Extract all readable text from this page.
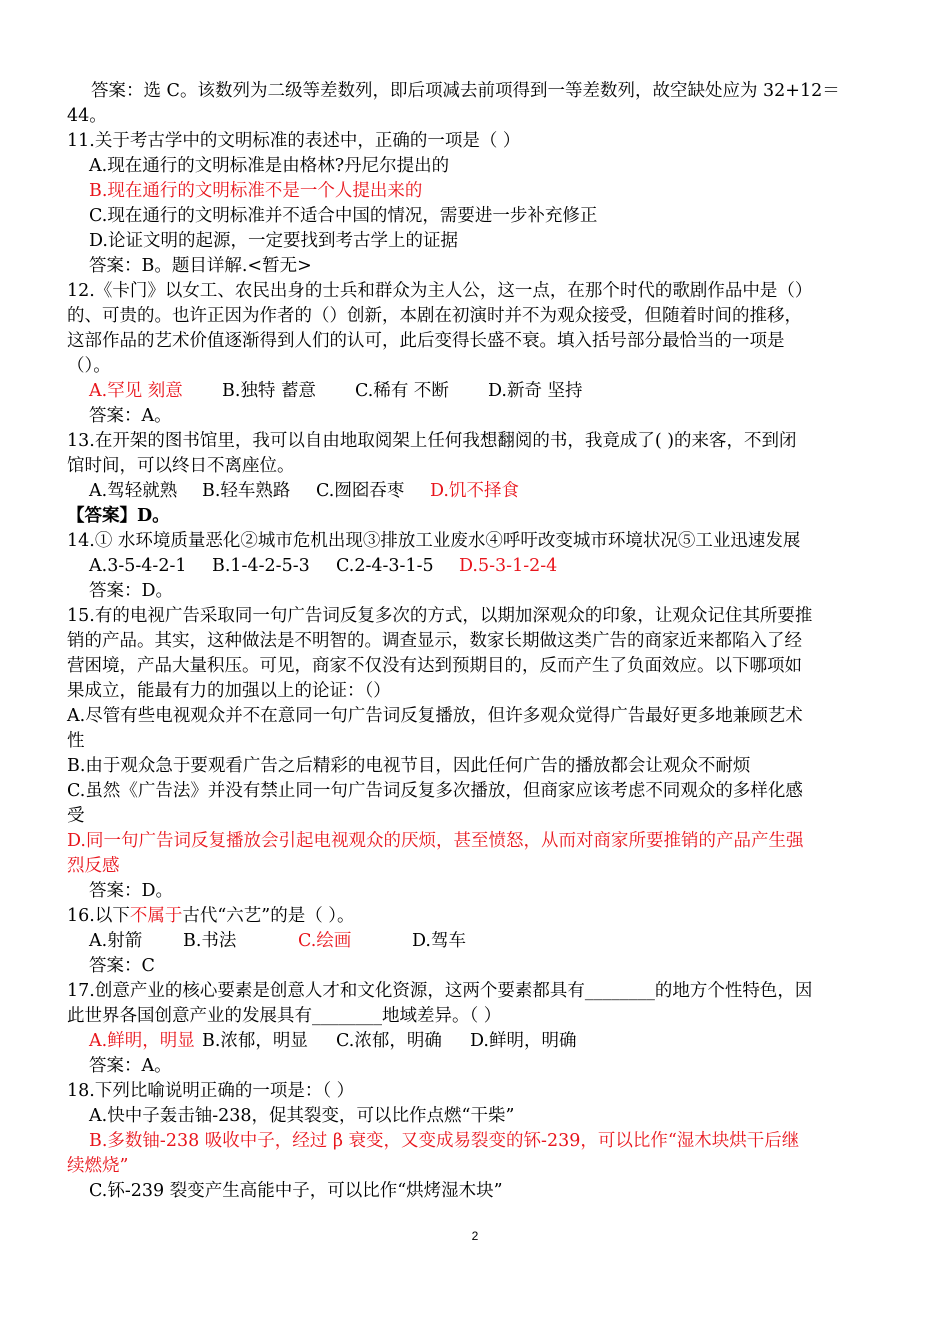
答案：选 C。该数列为二级等差数列，即后项减去前项得到一等差数列，故空缺处应为 32+12＝
44。
11.关于考古学中的文明标准的表述中，正确的一项是（ ）
A.现在通行的文明标准是由格林?丹尼尔提出的
B.现在通行的文明标准不是一个人提出来的
C.现在通行的文明标准并不适合中国的情况，需要进一步补充修正
D.论证文明的起源，一定要找到考古学上的证据
答案：B。题目详解.<暂无>
12.《卡门》以女工、农民出身的士兵和群众为主人公，这一点，在那个时代的歌剧作品中是（）
的、可贵的。也许正因为作者的（）创新，本剧在初演时并不为观众接受，但随着时间的推移，
这部作品的艺术价值逐渐得到人们的认可，此后变得长盛不衰。填入括号部分最恰当的一项是
（）。
A.罕见 刻意 B.独特 蓄意 C.稀有 不断 D.新奇 坚持
答案：A。
13.在开架的图书馆里，我可以自由地取阅架上任何我想翻阅的书，我竟成了( )的来客，不到闭
馆时间，可以终日不离座位。
A.驾轻就熟 B.轻车熟路 C.囫囵吞枣 D.饥不择食
【答案】D。
14.① 水环境质量恶化②城市危机出现③排放工业废水④呼吁改变城市环境状况⑤工业迅速发展
A.3-5-4-2-1 B.1-4-2-5-3 C.2-4-3-1-5 D.5-3-1-2-4
答案：D。
15.有的电视广告采取同一句广告词反复多次的方式，以期加深观众的印象，让观众记住其所要推
销的产品。其实，这种做法是不明智的。调查显示，数家长期做这类广告的商家近来都陷入了经
营困境，产品大量积压。可见，商家不仅没有达到预期目的，反而产生了负面效应。以下哪项如
果成立，能最有力的加强以上的论证：（）
A.尽管有些电视观众并不在意同一句广告词反复播放，但许多观众觉得广告最好更多地兼顾艺术
性
B.由于观众急于要观看广告之后精彩的电视节目，因此任何广告的播放都会让观众不耐烦
C.虽然《广告法》并没有禁止同一句广告词反复多次播放，但商家应该考虑不同观众的多样化感
受
D.同一句广告词反复播放会引起电视观众的厌烦，甚至愤怒，从而对商家所要推销的产品产生强
烈反感
答案：D。
16.以下不属于古代“六艺”的是（ ）。
A.射箭 B.书法	C.绘画	D.驾车
答案：C
17.创意产业的核心要素是创意人才和文化资源，这两个要素都具有________的地方个性特色，因
此世界各国创意产业的发展具有________地域差异。（ ）
A.鲜明，明显 B.浓郁，明显 C.浓郁，明确 D.鲜明，明确
答案：A。
18.下列比喻说明正确的一项是：（ ）
A.快中子轰击铀-238，促其裂变，可以比作点燃“干柴”
B.多数铀-238 吸收中子，经过 β 衰变，又变成易裂变的钚-239，可以比作“湿木块烘干后继
续燃烧”
C.钚-239 裂变产生高能中子，可以比作“烘烤湿木块”
2
